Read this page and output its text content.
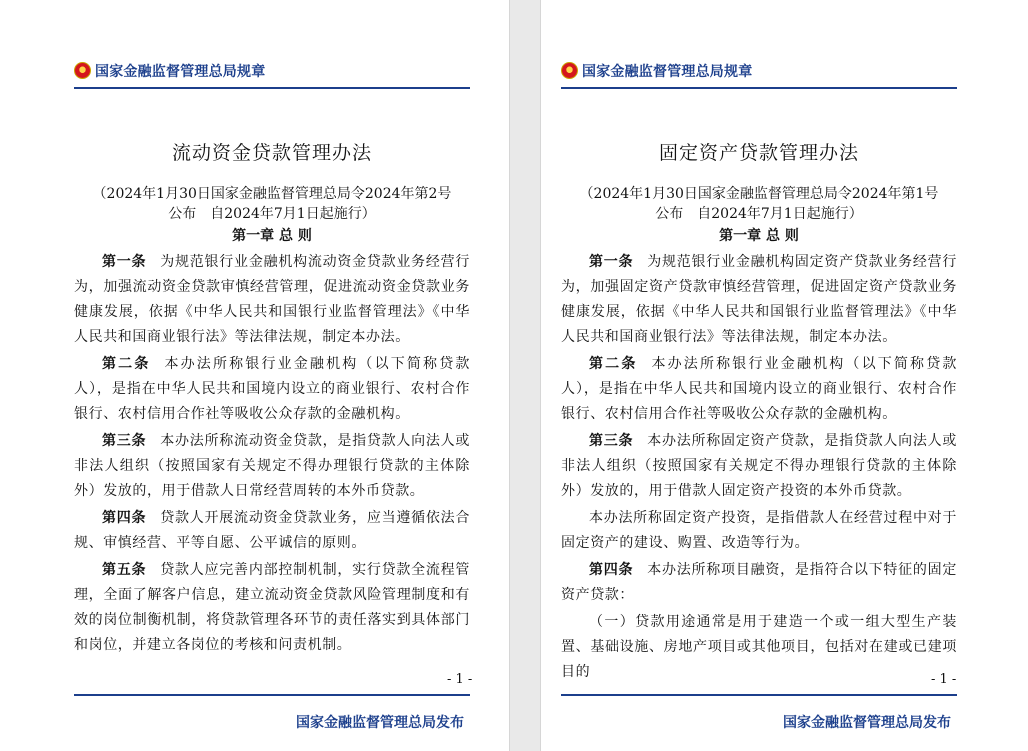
国家金融监督管理总局规章
流动资金贷款管理办法

（2024年1月30日国家金融监督管理总局令2024年第2号
公布　自2024年7月1日起施行）

第一章 总 则

第一条 为规范银行业金融机构流动资金贷款业务经营行为，加强流动资金贷款审慎经营管理，促进流动资金贷款业务健康发展，依据《中华人民共和国银行业监督管理法》《中华人民共和国商业银行法》等法律法规，制定本办法。

第二条 本办法所称银行业金融机构（以下简称贷款人），是指在中华人民共和国境内设立的商业银行、农村合作银行、农村信用合作社等吸收公众存款的金融机构。

第三条 本办法所称流动资金贷款，是指贷款人向法人或非法人组织（按照国家有关规定不得办理银行贷款的主体除外）发放的，用于借款人日常经营周转的本外币贷款。

第四条 贷款人开展流动资金贷款业务，应当遵循依法合规、审慎经营、平等自愿、公平诚信的原则。

第五条 贷款人应完善内部控制机制，实行贷款全流程管理，全面了解客户信息，建立流动资金贷款风险管理制度和有效的岗位制衡机制，将贷款管理各环节的责任落实到具体部门和岗位，并建立各岗位的考核和问责机制。

- 1 -
国家金融监督管理总局发布
国家金融监督管理总局规章
固定资产贷款管理办法

（2024年1月30日国家金融监督管理总局令2024年第1号
公布　自2024年7月1日起施行）

第一章 总 则

第一条 为规范银行业金融机构固定资产贷款业务经营行为，加强固定资产贷款审慎经营管理，促进固定资产贷款业务健康发展，依据《中华人民共和国银行业监督管理法》《中华人民共和国商业银行法》等法律法规，制定本办法。

第二条 本办法所称银行业金融机构（以下简称贷款人），是指在中华人民共和国境内设立的商业银行、农村合作银行、农村信用合作社等吸收公众存款的金融机构。

第三条 本办法所称固定资产贷款，是指贷款人向法人或非法人组织（按照国家有关规定不得办理银行贷款的主体除外）发放的，用于借款人固定资产投资的本外币贷款。

本办法所称固定资产投资，是指借款人在经营过程中对于固定资产的建设、购置、改造等行为。

第四条 本办法所称项目融资，是指符合以下特征的固定资产贷款：

（一）贷款用途通常是用于建造一个或一组大型生产装置、基础设施、房地产项目或其他项目，包括对在建或已建项目的	- 1 -
国家金融监督管理总局发布
